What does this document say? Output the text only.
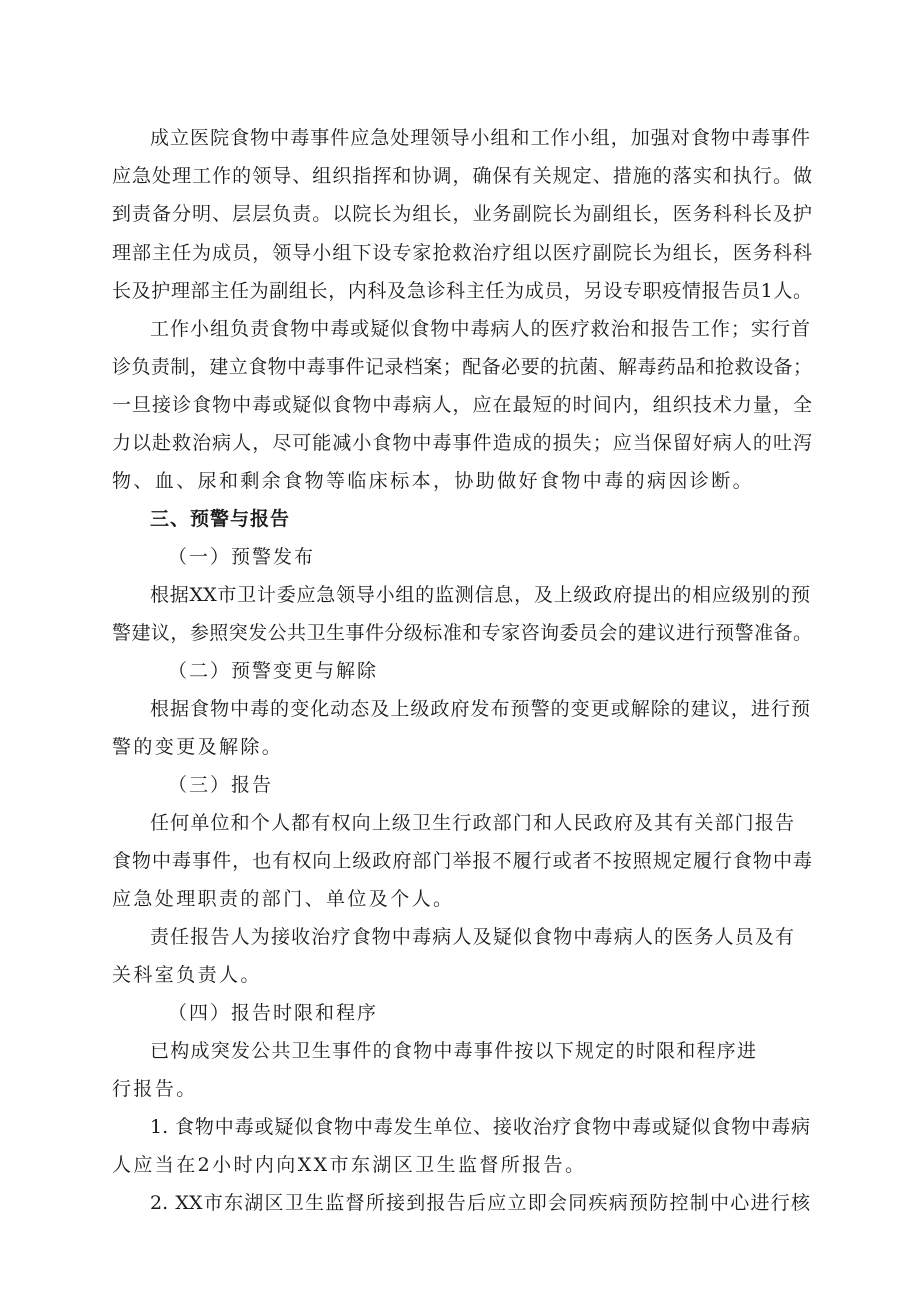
成立医院食物中毒事件应急处理领导小组和工作小组，加强对食物中毒事件
应急处理工作的领导、组织指挥和协调，确保有关规定、措施的落实和执行。做
到责备分明、层层负责。以院长为组长，业务副院长为副组长，医务科科长及护
理部主任为成员，领导小组下设专家抢救治疗组以医疗副院长为组长，医务科科
长及护理部主任为副组长，内科及急诊科主任为成员，另设专职疫情报告员1人。
工作小组负责食物中毒或疑似食物中毒病人的医疗救治和报告工作；实行首
诊负责制，建立食物中毒事件记录档案；配备必要的抗菌、解毒药品和抢救设备；
一旦接诊食物中毒或疑似食物中毒病人，应在最短的时间内，组织技术力量，全
力以赴救治病人，尽可能减小食物中毒事件造成的损失；应当保留好病人的吐泻
物、血、尿和剩余食物等临床标本，协助做好食物中毒的病因诊断。
三、预警与报告
（一）预警发布
根据XX市卫计委应急领导小组的监测信息，及上级政府提出的相应级别的预
警建议，参照突发公共卫生事件分级标准和专家咨询委员会的建议进行预警准备。
（二）预警变更与解除
根据食物中毒的变化动态及上级政府发布预警的变更或解除的建议，进行预
警的变更及解除。
（三）报告
任何单位和个人都有权向上级卫生行政部门和人民政府及其有关部门报告
食物中毒事件，也有权向上级政府部门举报不履行或者不按照规定履行食物中毒
应急处理职责的部门、单位及个人。
责任报告人为接收治疗食物中毒病人及疑似食物中毒病人的医务人员及有
关科室负责人。
（四）报告时限和程序
已构成突发公共卫生事件的食物中毒事件按以下规定的时限和程序进
行报告。
1. 食物中毒或疑似食物中毒发生单位、接收治疗食物中毒或疑似食物中毒病
人应当在2小时内向XX市东湖区卫生监督所报告。
2. XX市东湖区卫生监督所接到报告后应立即会同疾病预防控制中心进行核
